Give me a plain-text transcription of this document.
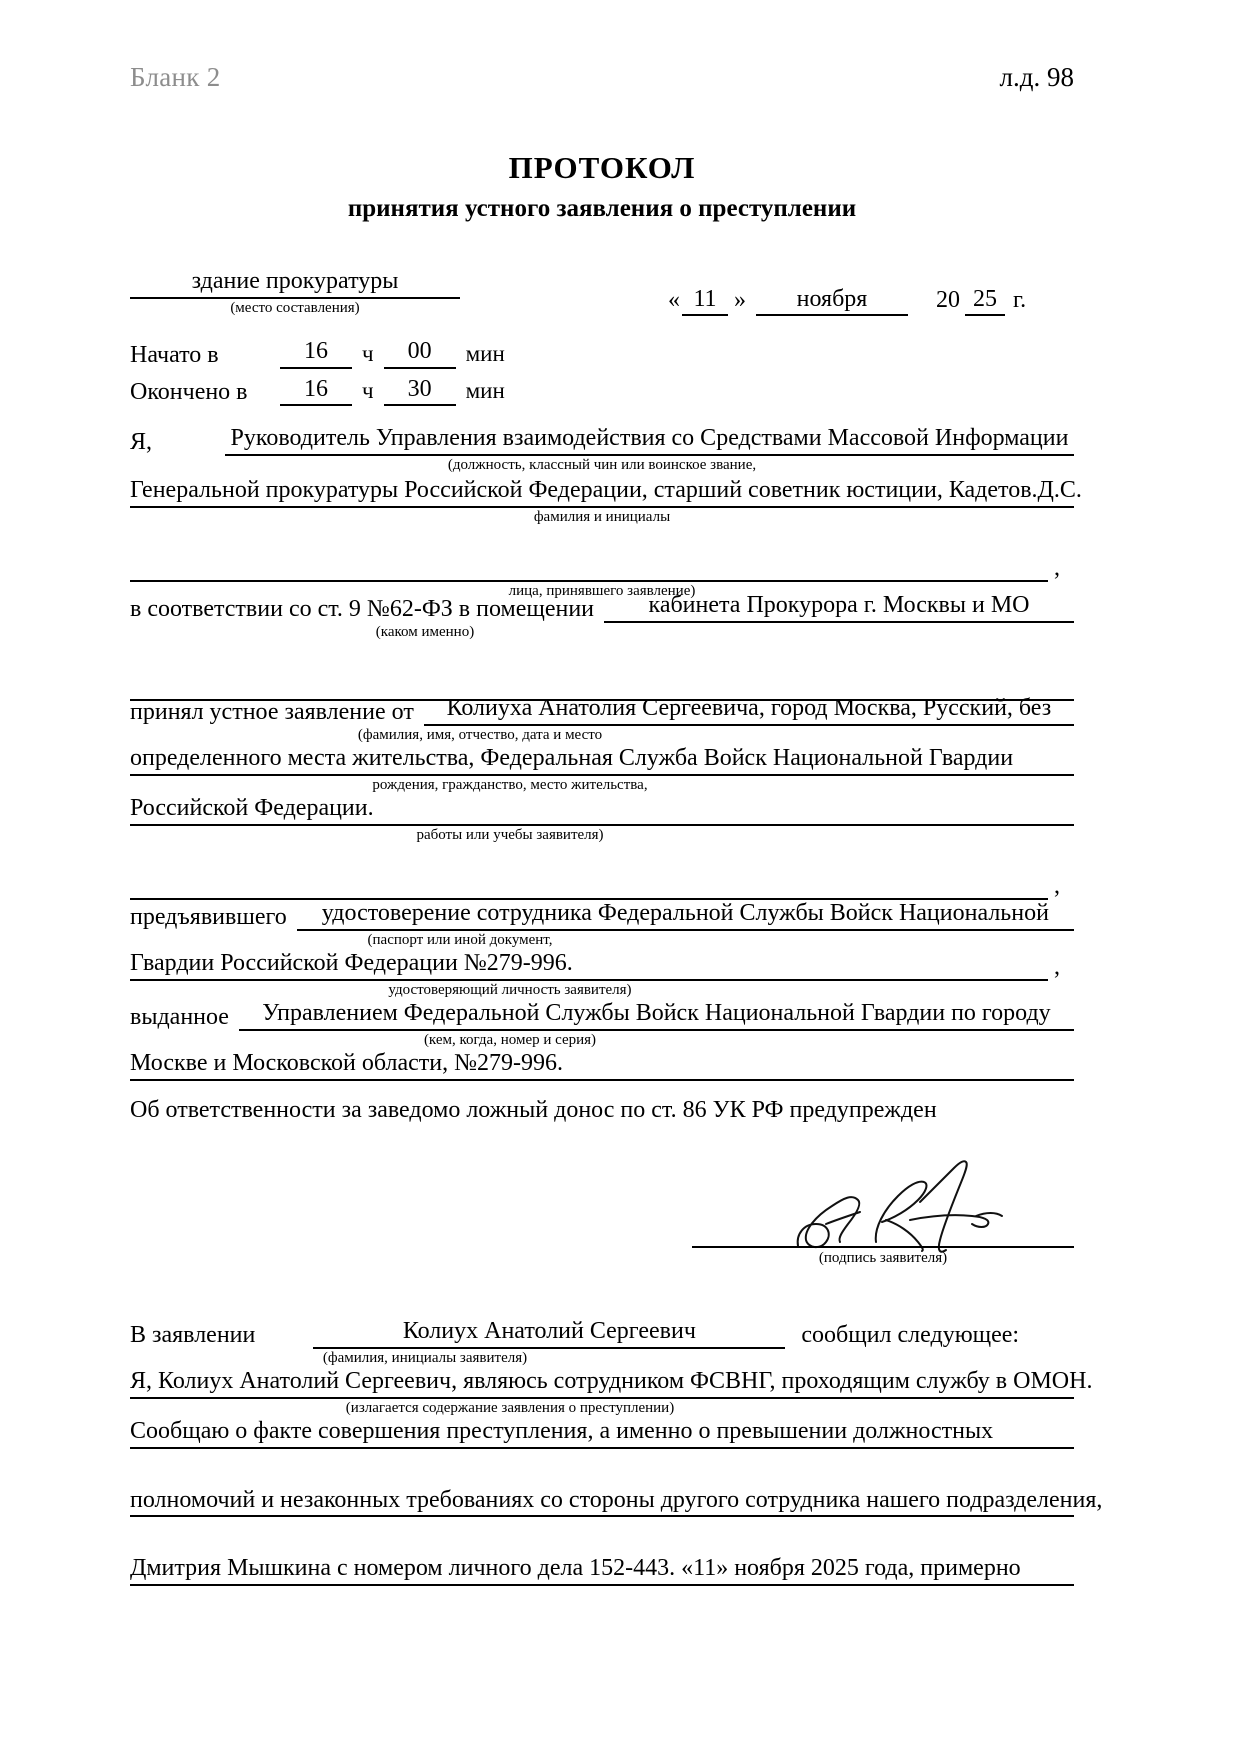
Бланк 2	л.д. 98
ПРОТОКОЛ
принятия устного заявления о преступлении
здание прокуратуры
(место составления)	« 11 »	ноября	20 25 г.
Начато в	16	ч	00	мин
Окончено в	16	ч	30	мин
Я,	Руководитель Управления взаимодействия со Средствами Массовой Информации
(должность, классный чин или воинское звание,
Генеральной прокуратуры Российской Федерации, старший советник юстиции, Кадетов.Д.С.
фамилия и инициалы

,
лица, принявшего заявление)
в соответствии со ст. 9 №62-ФЗ в помещении	кабинета Прокурора г. Москвы и МО
(каком именно)

принял устное заявление от	Колиуха Анатолия Сергеевича, город Москва, Русский, без
(фамилия, имя, отчество, дата и место
определенного места жительства, Федеральная Служба Войск Национальной Гвардии
рождения, гражданство, место жительства,
Российской Федерации.
работы или учебы заявителя)

,
предъявившего	удостоверение сотрудника Федеральной Службы Войск Национальной
(паспорт или иной документ,
Гвардии Российской Федерации №279-996.	,
удостоверяющий личность заявителя)
выданное	Управлением Федеральной Службы Войск Национальной Гвардии по городу
(кем, когда, номер и серия)
Москве и Московской области, №279-996.
Об ответственности за заведомо ложный донос по ст. 86 УК РФ предупрежден
(подпись заявителя)
В заявлении	Колиух Анатолий Сергеевич	сообщил следующее:
(фамилия, инициалы заявителя)
Я, Колиух Анатолий Сергеевич, являюсь сотрудником ФСВНГ, проходящим службу в ОМОН.
(излагается содержание заявления о преступлении)
Сообщаю о факте совершения преступления, а именно о превышении должностных
полномочий и незаконных требованиях со стороны другого сотрудника нашего подразделения,
Дмитрия Мышкина с номером личного дела 152-443. «11» ноября 2025 года, примерно
